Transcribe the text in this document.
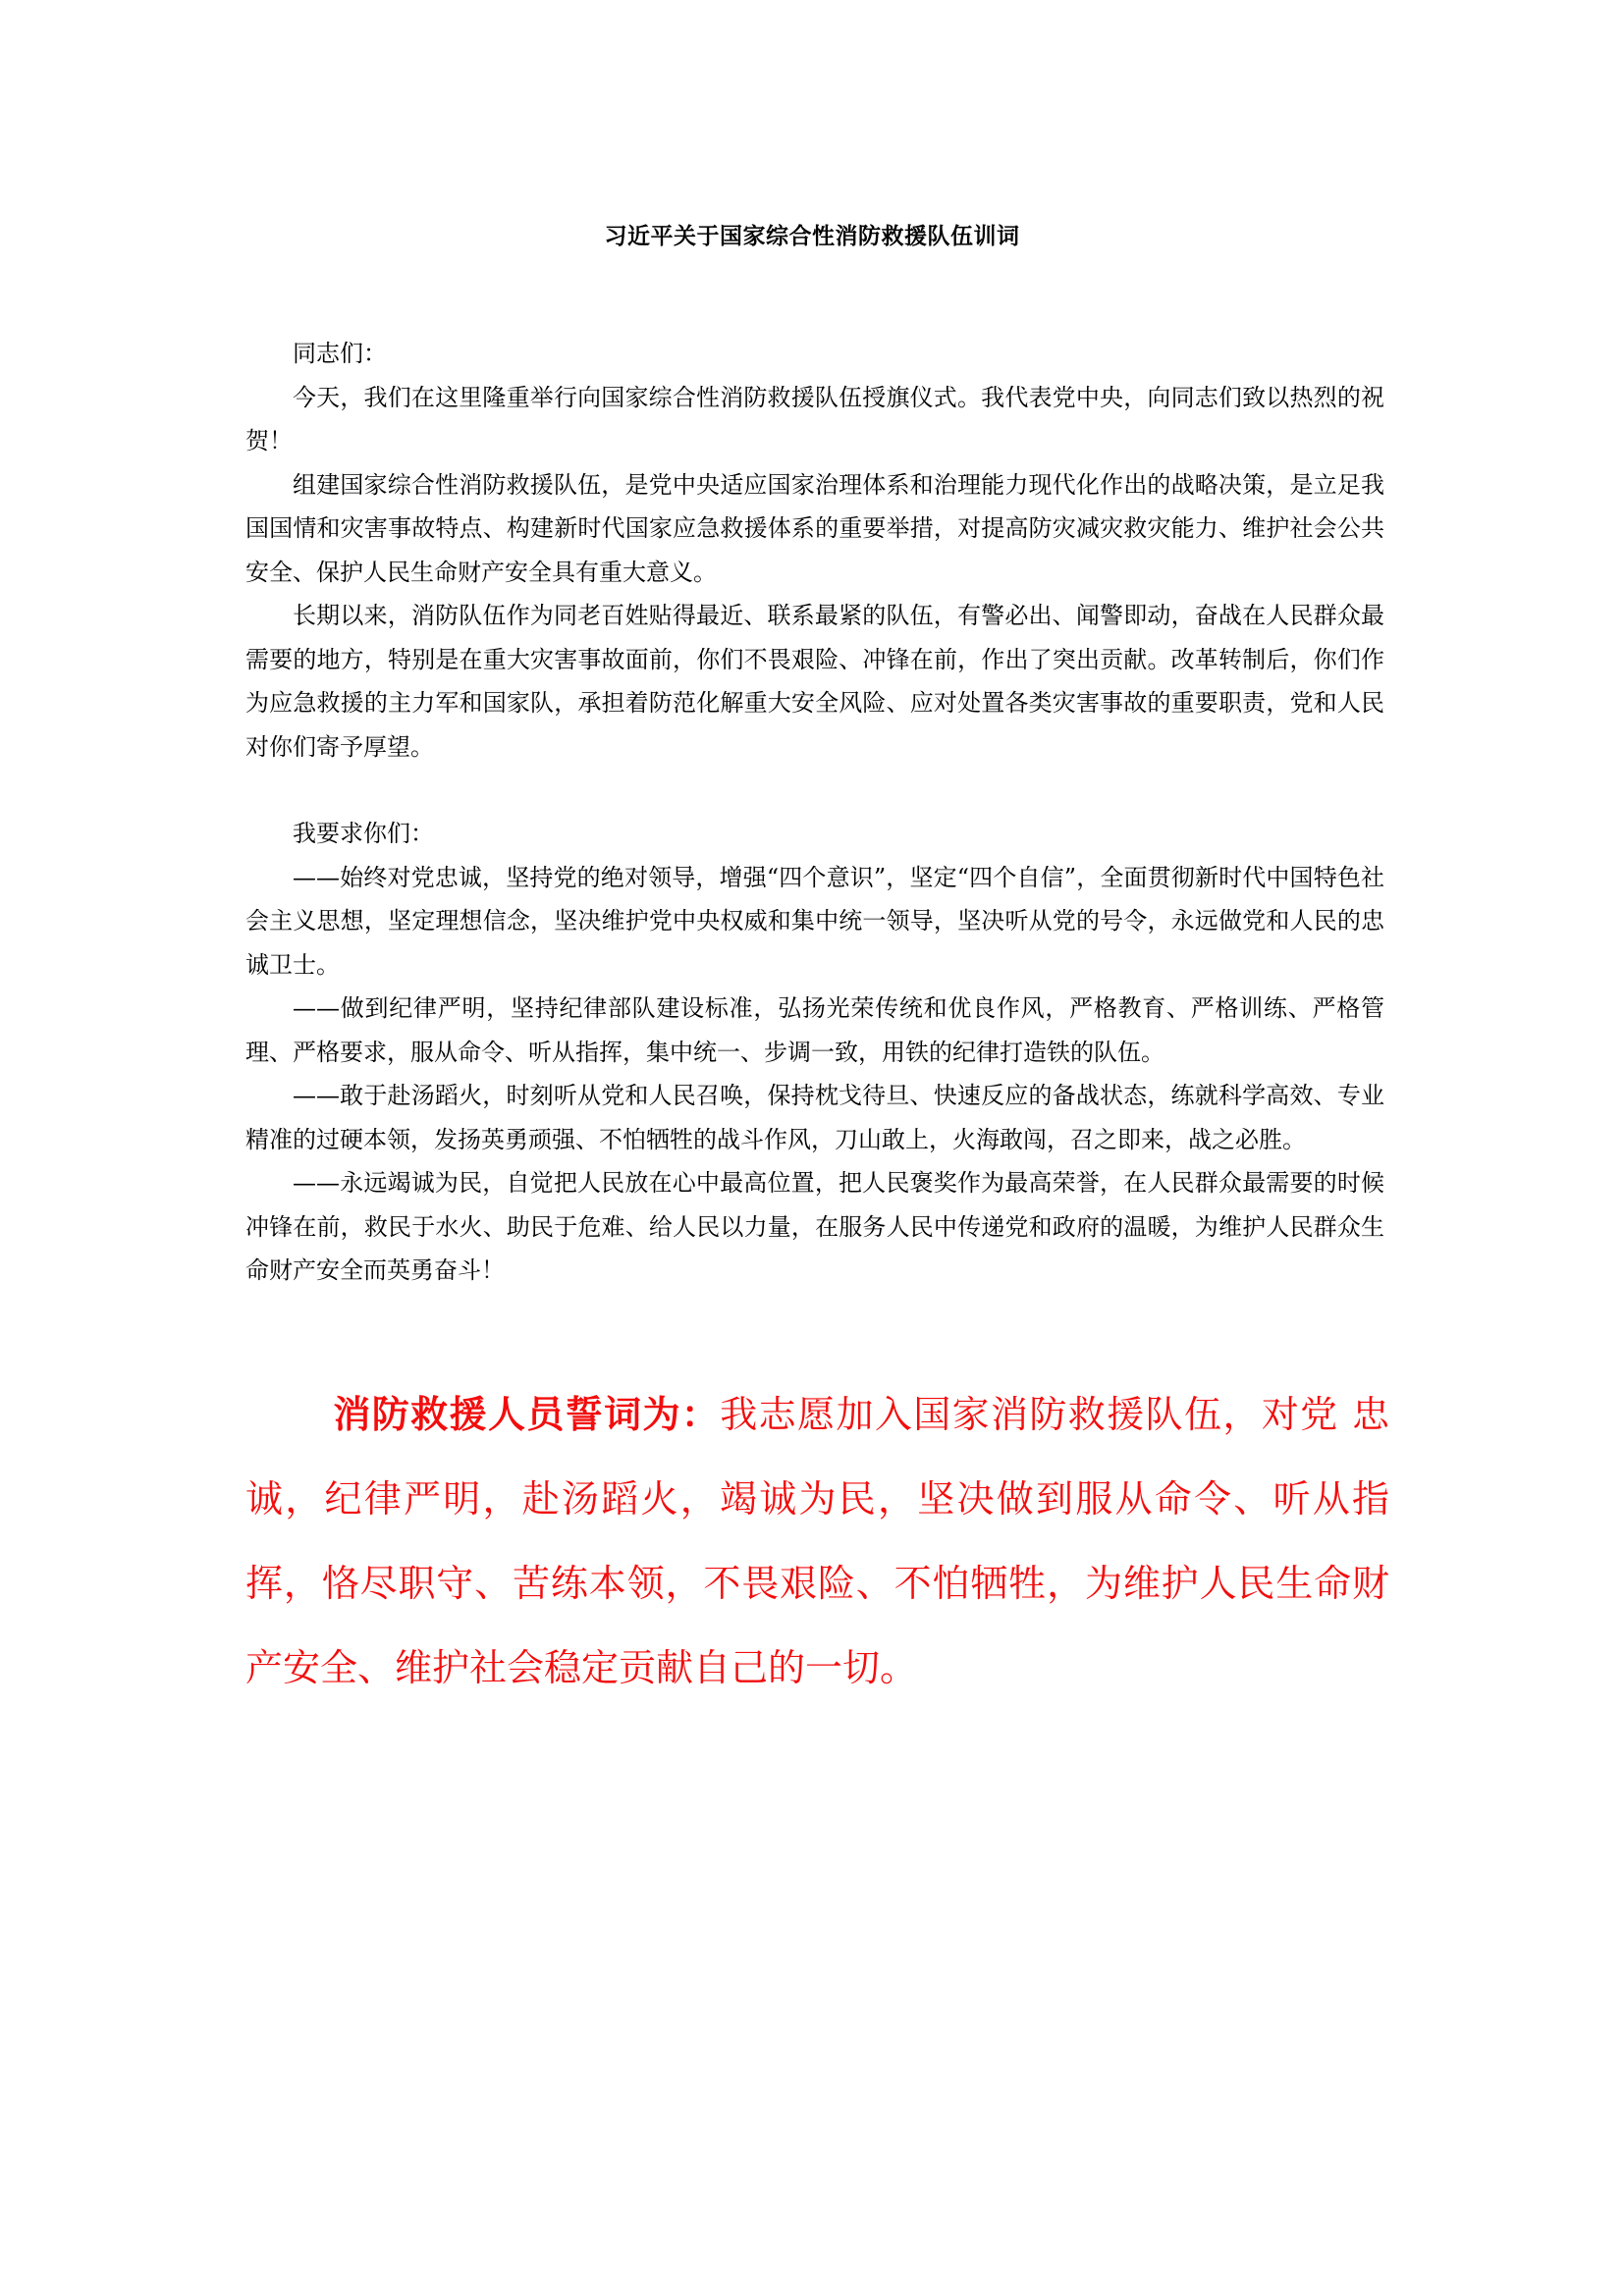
习近平关于国家综合性消防救援队伍训词

同志们：

今天，我们在这里隆重举行向国家综合性消防救援队伍授旗仪式。我代表党中央，向同志们致以热烈的祝贺！

组建国家综合性消防救援队伍，是党中央适应国家治理体系和治理能力现代化作出的战略决策，是立足我国国情和灾害事故特点、构建新时代国家应急救援体系的重要举措，对提高防灾减灾救灾能力、维护社会公共安全、保护人民生命财产安全具有重大意义。

长期以来，消防队伍作为同老百姓贴得最近、联系最紧的队伍，有警必出、闻警即动，奋战在人民群众最需要的地方，特别是在重大灾害事故面前，你们不畏艰险、冲锋在前，作出了突出贡献。改革转制后，你们作为应急救援的主力军和国家队，承担着防范化解重大安全风险、应对处置各类灾害事故的重要职责，党和人民对你们寄予厚望。

我要求你们：

——始终对党忠诚，坚持党的绝对领导，增强“四个意识”，坚定“四个自信”，全面贯彻新时代中国特色社会主义思想，坚定理想信念，坚决维护党中央权威和集中统一领导，坚决听从党的号令，永远做党和人民的忠诚卫士。

——做到纪律严明，坚持纪律部队建设标准，弘扬光荣传统和优良作风，严格教育、严格训练、严格管理、严格要求，服从命令、听从指挥，集中统一、步调一致，用铁的纪律打造铁的队伍。

——敢于赴汤蹈火，时刻听从党和人民召唤，保持枕戈待旦、快速反应的备战状态，练就科学高效、专业精准的过硬本领，发扬英勇顽强、不怕牺牲的战斗作风，刀山敢上，火海敢闯，召之即来，战之必胜。

——永远竭诚为民，自觉把人民放在心中最高位置，把人民褒奖作为最高荣誉，在人民群众最需要的时候冲锋在前，救民于水火、助民于危难、给人民以力量，在服务人民中传递党和政府的温暖，为维护人民群众生命财产安全而英勇奋斗！

消防救援人员誓词为：我志愿加入国家消防救援队伍，对党 忠诚，纪律严明，赴汤蹈火，竭诚为民，坚决做到服从命令、听从指挥，恪尽职守、苦练本领，不畏艰险、不怕牺牲，为维护人民生命财产安全、维护社会稳定贡献自己的一切。
